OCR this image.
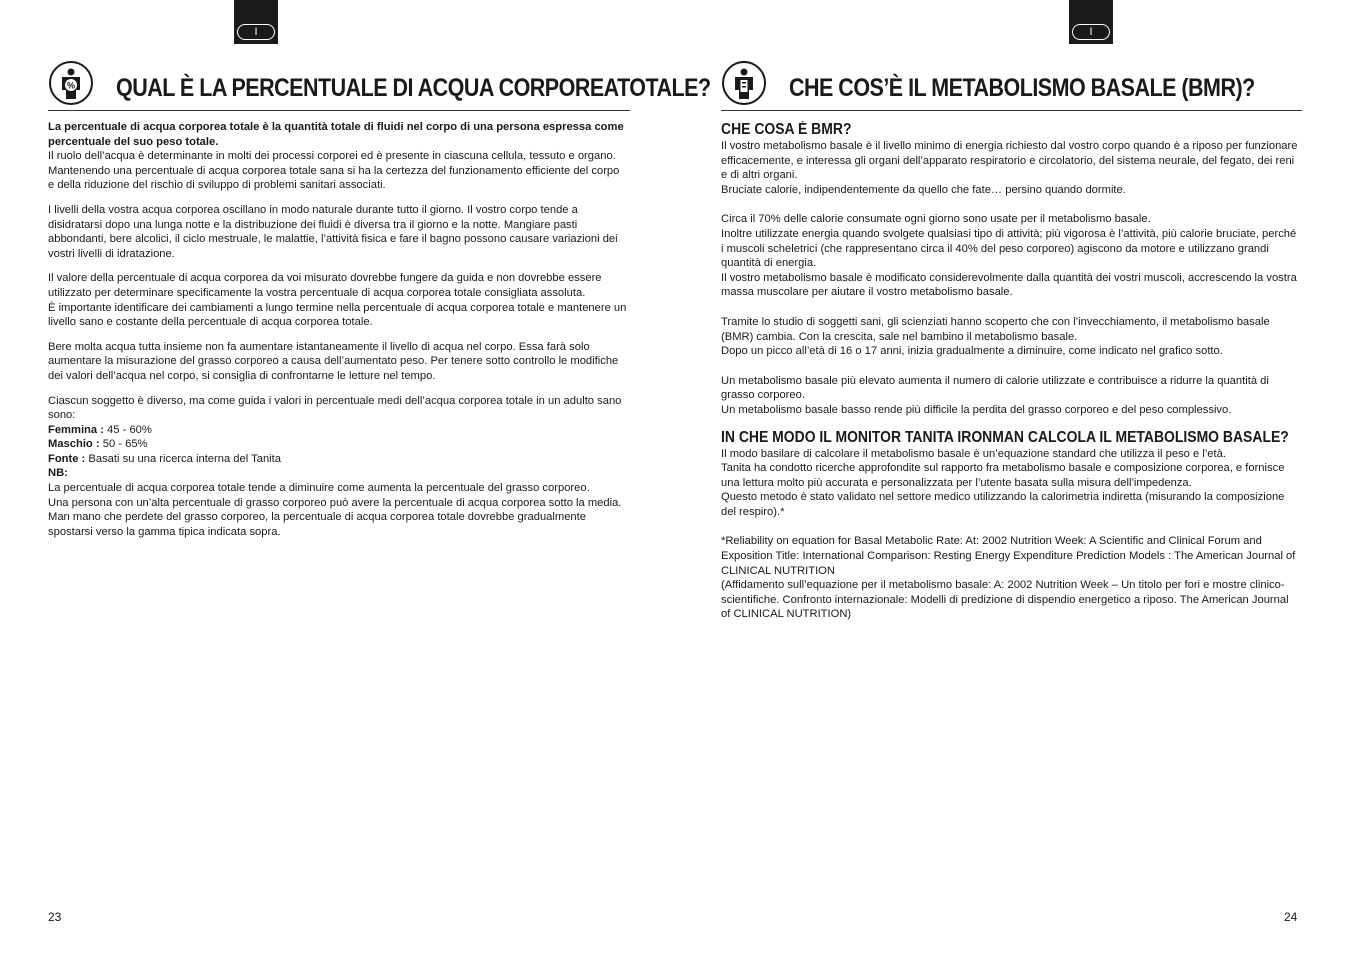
I
% QUAL È LA PERCENTUALE DI ACQUA CORPOREATOTALE?

La percentuale di acqua corporea totale è la quantità totale di fluidi nel corpo di una persona espressa come percentuale del suo peso totale.
Il ruolo dell’acqua è determinante in molti dei processi corporei ed è presente in ciascuna cellula, tessuto e organo. Mantenendo una percentuale di acqua corporea totale sana si ha la certezza del funzionamento efficiente del corpo e della riduzione del rischio di sviluppo di problemi sanitari associati.

I livelli della vostra acqua corporea oscillano in modo naturale durante tutto il giorno. Il vostro corpo tende a disidratarsi dopo una lunga notte e la distribuzione dei fluidi è diversa tra il giorno e la notte. Mangiare pasti abbondanti, bere alcolici, il ciclo mestruale, le malattie, l’attività fisica e fare il bagno possono causare variazioni dei vostri livelli di idratazione.

Il valore della percentuale di acqua corporea da voi misurato dovrebbe fungere da guida e non dovrebbe essere utilizzato per determinare specificamente la vostra percentuale di acqua corporea totale consigliata assoluta.
È importante identificare dei cambiamenti a lungo termine nella percentuale di acqua corporea totale e mantenere un livello sano e costante della percentuale di acqua corporea totale.

Bere molta acqua tutta insieme non fa aumentare istantaneamente il livello di acqua nel corpo. Essa farà solo aumentare la misurazione del grasso corporeo a causa dell’aumentato peso. Per tenere sotto controllo le modifiche dei valori dell’acqua nel corpo, si consiglia di confrontarne le letture nel tempo.

Ciascun soggetto è diverso, ma come guida i valori in percentuale medi dell’acqua corporea totale in un adulto sano sono:
Femmina : 45 - 60%
Maschio : 50 - 65%
Fonte : Basati su una ricerca interna del Tanita
NB:
La percentuale di acqua corporea totale tende a diminuire come aumenta la percentuale del grasso corporeo.
Una persona con un’alta percentuale di grasso corporeo può avere la percentuale di acqua corporea sotto la media.
Man mano che perdete del grasso corporeo, la percentuale di acqua corporea totale dovrebbe gradualmente spostarsi verso la gamma tipica indicata sopra.
23
I
CHE COS’È IL METABOLISMO BASALE (BMR)?
CHE COSA É BMR?
Il vostro metabolismo basale è il livello minimo di energia richiesto dal vostro corpo quando è a riposo per funzionare efficacemente, e interessa gli organi dell’apparato respiratorio e circolatorio, del sistema neurale, del fegato, dei reni e di altri organi.
Bruciate calorie, indipendentemente da quello che fate… persino quando dormite.
Circa il 70% delle calorie consumate ogni giorno sono usate per il metabolismo basale.
Inoltre utilizzate energia quando svolgete qualsiasi tipo di attività; più vigorosa è l’attività, più calorie bruciate, perché i muscoli scheletrici (che rappresentano circa il 40% del peso corporeo) agiscono da motore e utilizzano grandi quantità di energia.
Il vostro metabolismo basale è modificato considerevolmente dalla quantità dei vostri muscoli, accrescendo la vostra massa muscolare per aiutare il vostro metabolismo basale.
Tramite lo studio di soggetti sani, gli scienziati hanno scoperto che con l’invecchiamento, il metabolismo basale (BMR) cambia. Con la crescita, sale nel bambino il metabolismo basale.
Dopo un picco all’età di 16 o 17 anni, inizia gradualmente a diminuire, come indicato nel grafico sotto.
Un metabolismo basale più elevato aumenta il numero di calorie utilizzate e contribuisce a ridurre la quantità di grasso corporeo.
Un metabolismo basale basso rende più difficile la perdita del grasso corporeo e del peso complessivo.
IN CHE MODO IL MONITOR TANITA IRONMAN CALCOLA IL METABOLISMO BASALE?
Il modo basilare di calcolare il metabolismo basale è un’equazione standard che utilizza il peso e l’età.
Tanita ha condotto ricerche approfondite sul rapporto fra metabolismo basale e composizione corporea, e fornisce una lettura molto più accurata e personalizzata per l’utente basata sulla misura dell’impedenza.
Questo metodo è stato validato nel settore medico utilizzando la calorimetria indiretta (misurando la composizione del respiro).*
*Reliability on equation for Basal Metabolic Rate: At: 2002 Nutrition Week: A Scientific and Clinical Forum and Exposition Title: International Comparison: Resting Energy Expenditure Prediction Models : The American Journal of CLINICAL NUTRITION
(Affidamento sull’equazione per il metabolismo basale: A: 2002 Nutrition Week – Un titolo per fori e mostre clinico-scientifiche. Confronto internazionale: Modelli di predizione di dispendio energetico a riposo. The American Journal of CLINICAL NUTRITION)
24
